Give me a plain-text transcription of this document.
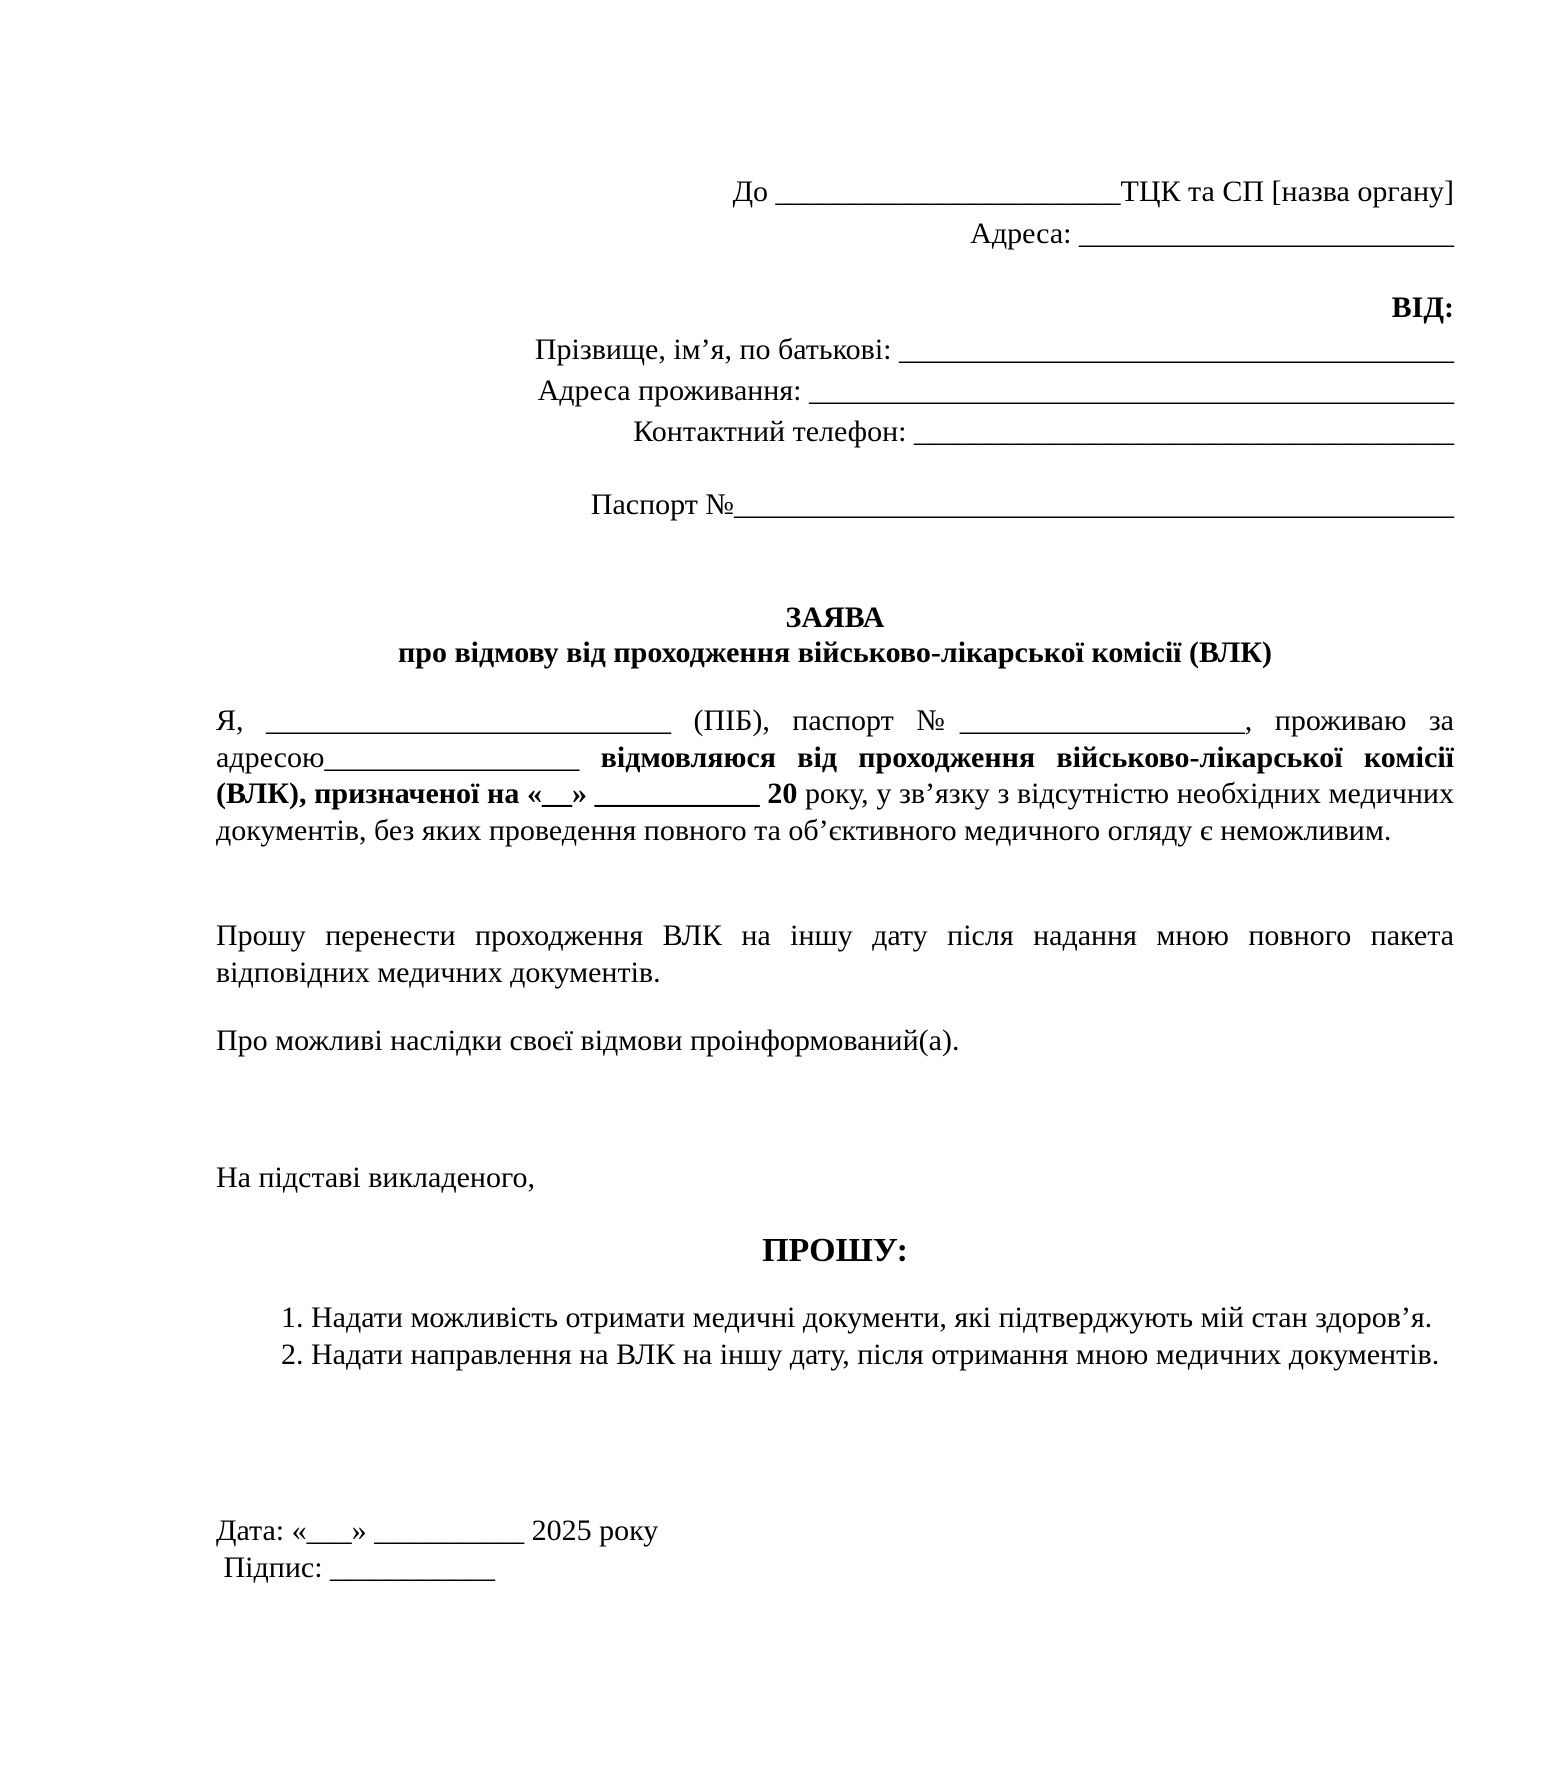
До _______________________ТЦК та СП [назва органу]
Адреса: _________________________
ВІД:
Прізвище, ім’я, по батькові: _____________________________________
Адреса проживання: ___________________________________________
Контактний телефон: ____________________________________
Паспорт №________________________________________________
ЗАЯВА
про відмову від проходження військово-лікарської комісії (ВЛК)
Я, ___________________________ (ПІБ), паспорт №___________________, проживаю за адресою_________________ відмовляюся від проходження військово-лікарської комісії (ВЛК), призначеної на «__» ___________ 20 року, у зв’язку з відсутністю необхідних медичних документів, без яких проведення повного та об’єктивного медичного огляду є неможливим.
Прошу перенести проходження ВЛК на іншу дату після надання мною повного пакета відповідних медичних документів.
Про можливі наслідки своєї відмови проінформований(а).
На підставі викладеного,
ПРОШУ:
1. Надати можливість отримати медичні документи, які підтверджують мій стан здоров’я.
2. Надати направлення на ВЛК на іншу дату, після отримання мною медичних документів.
Дата: «___» __________ 2025 року
Підпис: ___________
